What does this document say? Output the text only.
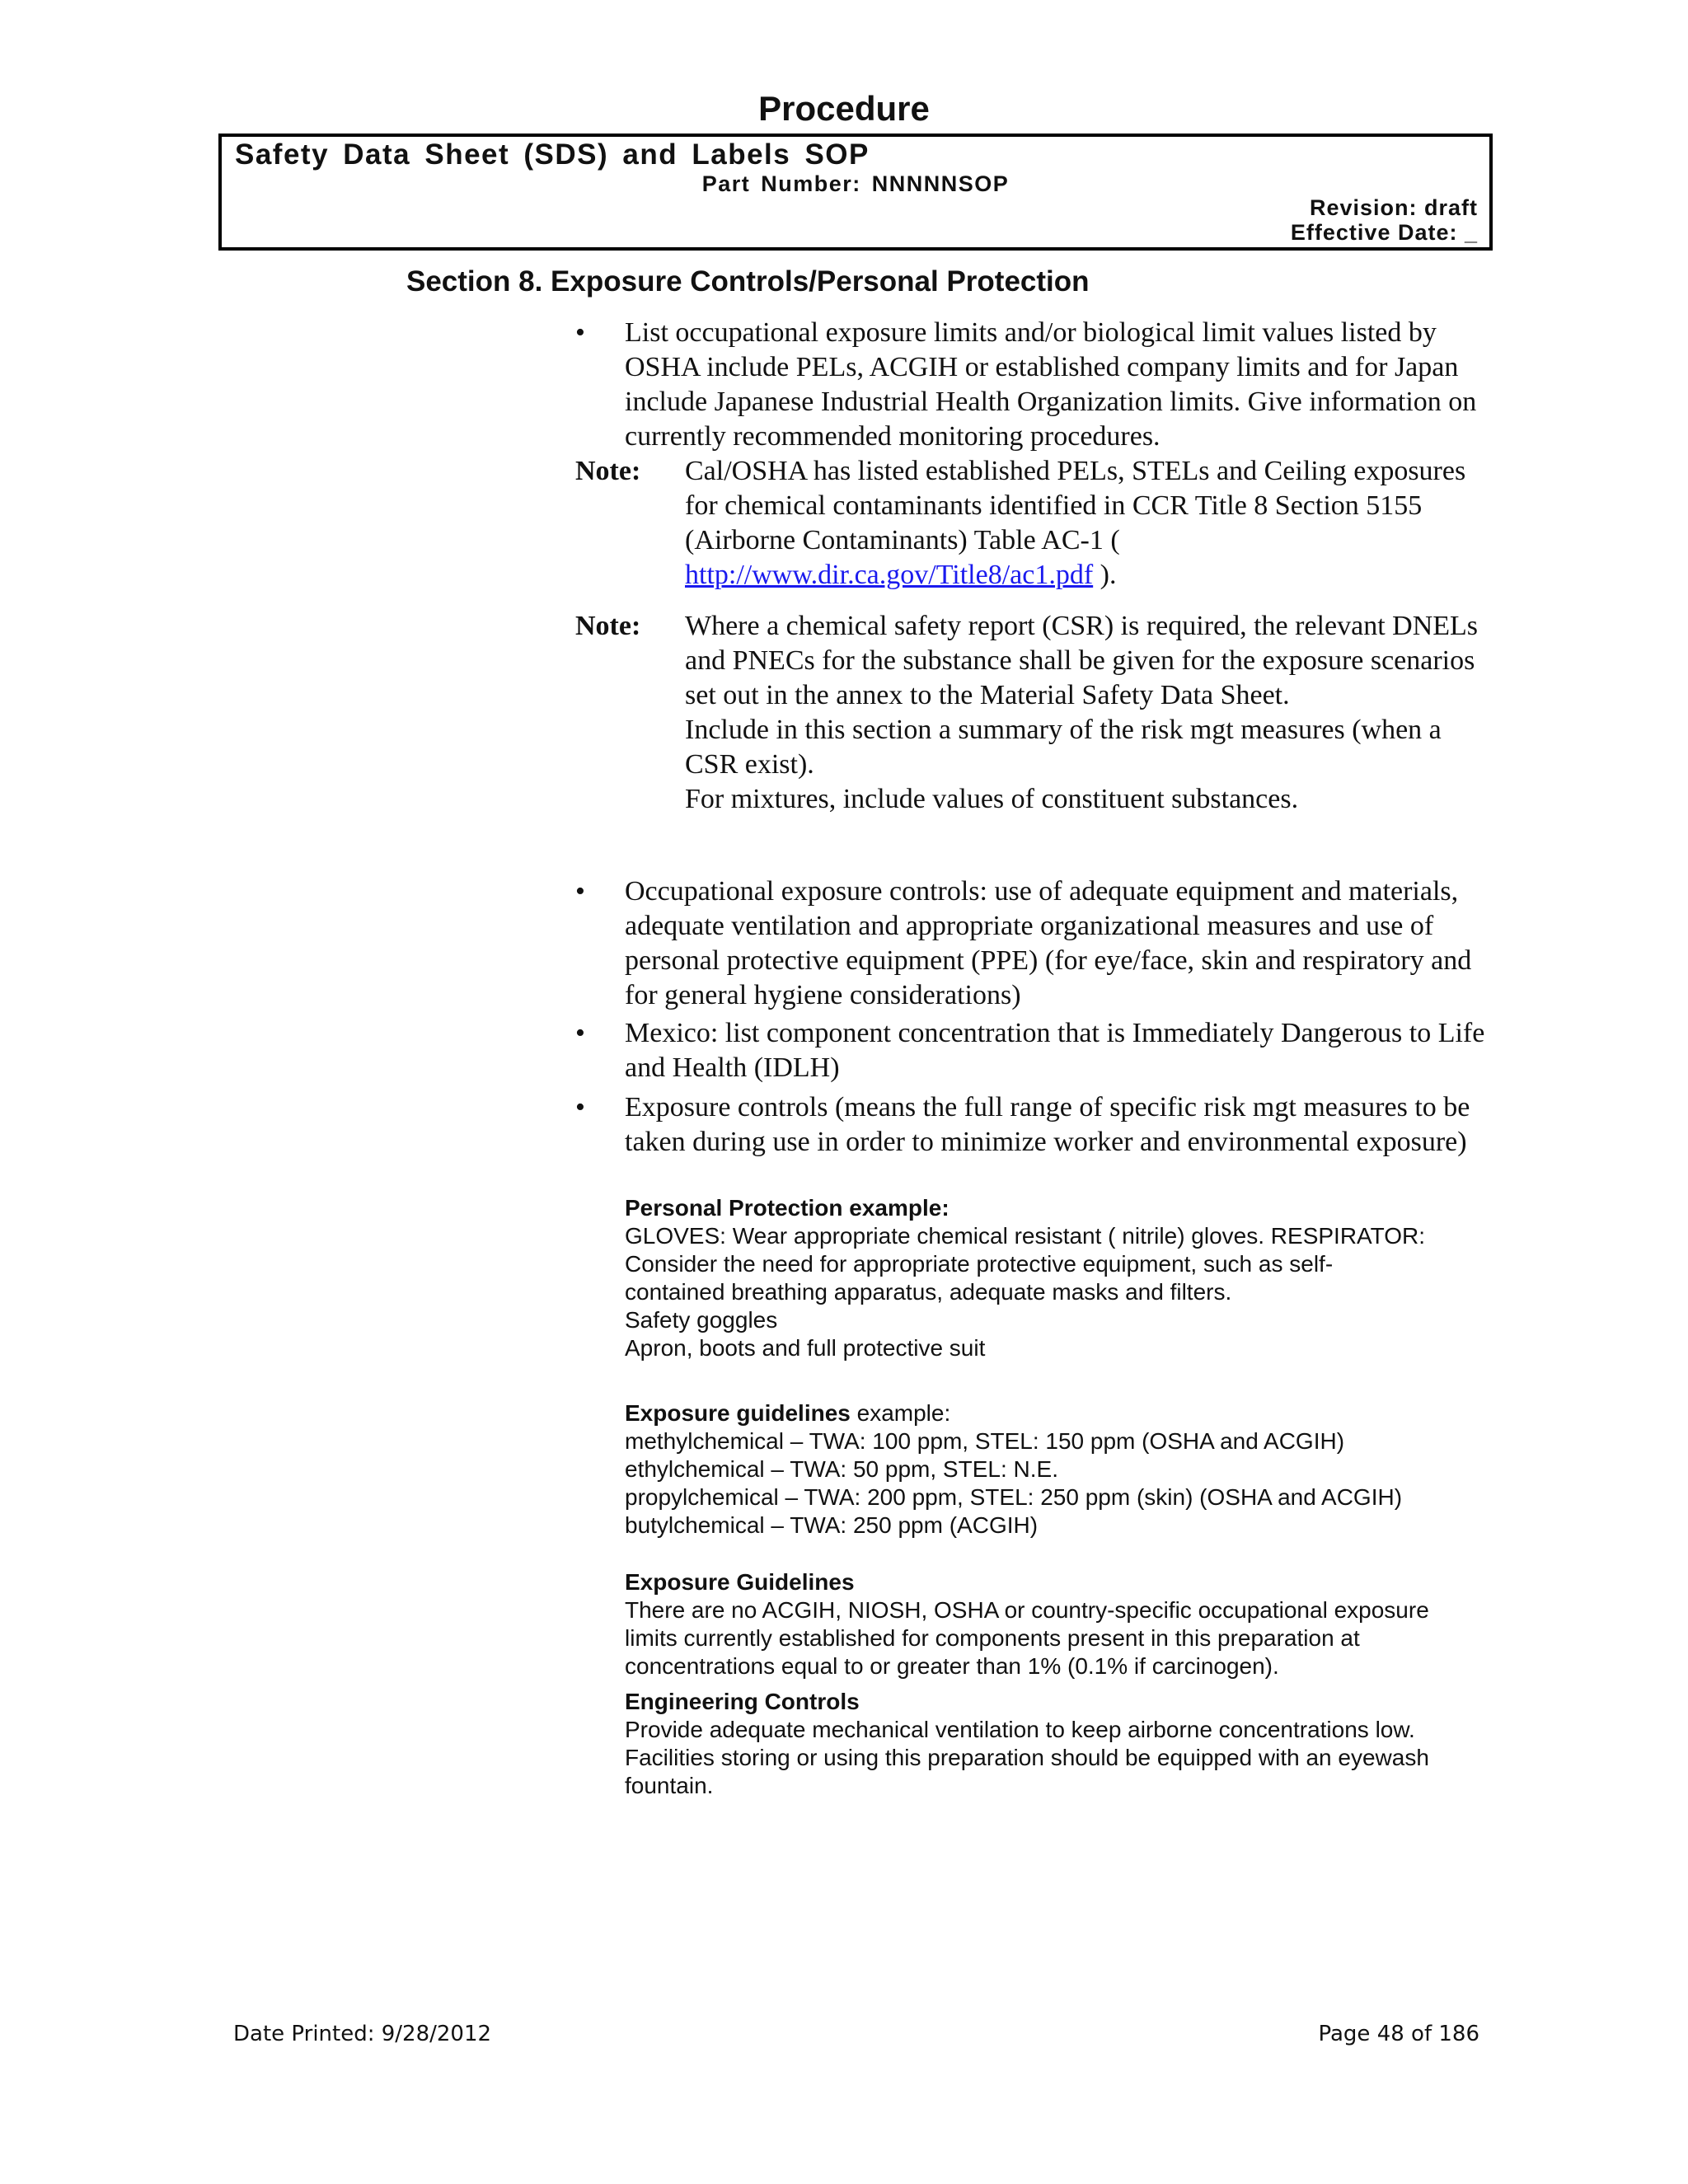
Procedure
Safety Data Sheet (SDS) and Labels SOP
Part Number: NNNNNSOP
Revision: draft
Effective Date: _
Section 8. Exposure Controls/Personal Protection
• List occupational exposure limits and/or biological limit values listed by OSHA include PELs, ACGIH or established company limits and for Japan include Japanese Industrial Health Organization limits. Give information on currently recommended monitoring procedures.
Note: Cal/OSHA has listed established PELs, STELs and Ceiling exposures for chemical contaminants identified in CCR Title 8 Section 5155 (Airborne Contaminants) Table AC-1 (
http://www.dir.ca.gov/Title8/ac1.pdf ).
Note: Where a chemical safety report (CSR) is required, the relevant DNELs and PNECs for the substance shall be given for the exposure scenarios set out in the annex to the Material Safety Data Sheet.
Include in this section a summary of the risk mgt measures (when a CSR exist).
For mixtures, include values of constituent substances.
• Occupational exposure controls: use of adequate equipment and materials, adequate ventilation and appropriate organizational measures and use of personal protective equipment (PPE) (for eye/face, skin and respiratory and for general hygiene considerations)
• Mexico: list component concentration that is Immediately Dangerous to Life and Health (IDLH)
• Exposure controls (means the full range of specific risk mgt measures to be taken during use in order to minimize worker and environmental exposure)
Personal Protection example:
GLOVES: Wear appropriate chemical resistant ( nitrile) gloves. RESPIRATOR:
Consider the need for appropriate protective equipment, such as self-
contained breathing apparatus, adequate masks and filters.
Safety goggles
Apron, boots and full protective suit
Exposure guidelines example:
methylchemical – TWA: 100 ppm, STEL: 150 ppm (OSHA and ACGIH)
ethylchemical – TWA: 50 ppm, STEL: N.E.
propylchemical – TWA: 200 ppm, STEL: 250 ppm (skin) (OSHA and ACGIH)
butylchemical – TWA: 250 ppm (ACGIH)
Exposure Guidelines
There are no ACGIH, NIOSH, OSHA or country-specific occupational exposure
limits currently established for components present in this preparation at
concentrations equal to or greater than 1% (0.1% if carcinogen).
Engineering Controls
Provide adequate mechanical ventilation to keep airborne concentrations low.
Facilities storing or using this preparation should be equipped with an eyewash
fountain.
Date Printed: 9/28/2012	Page 48 of 186
